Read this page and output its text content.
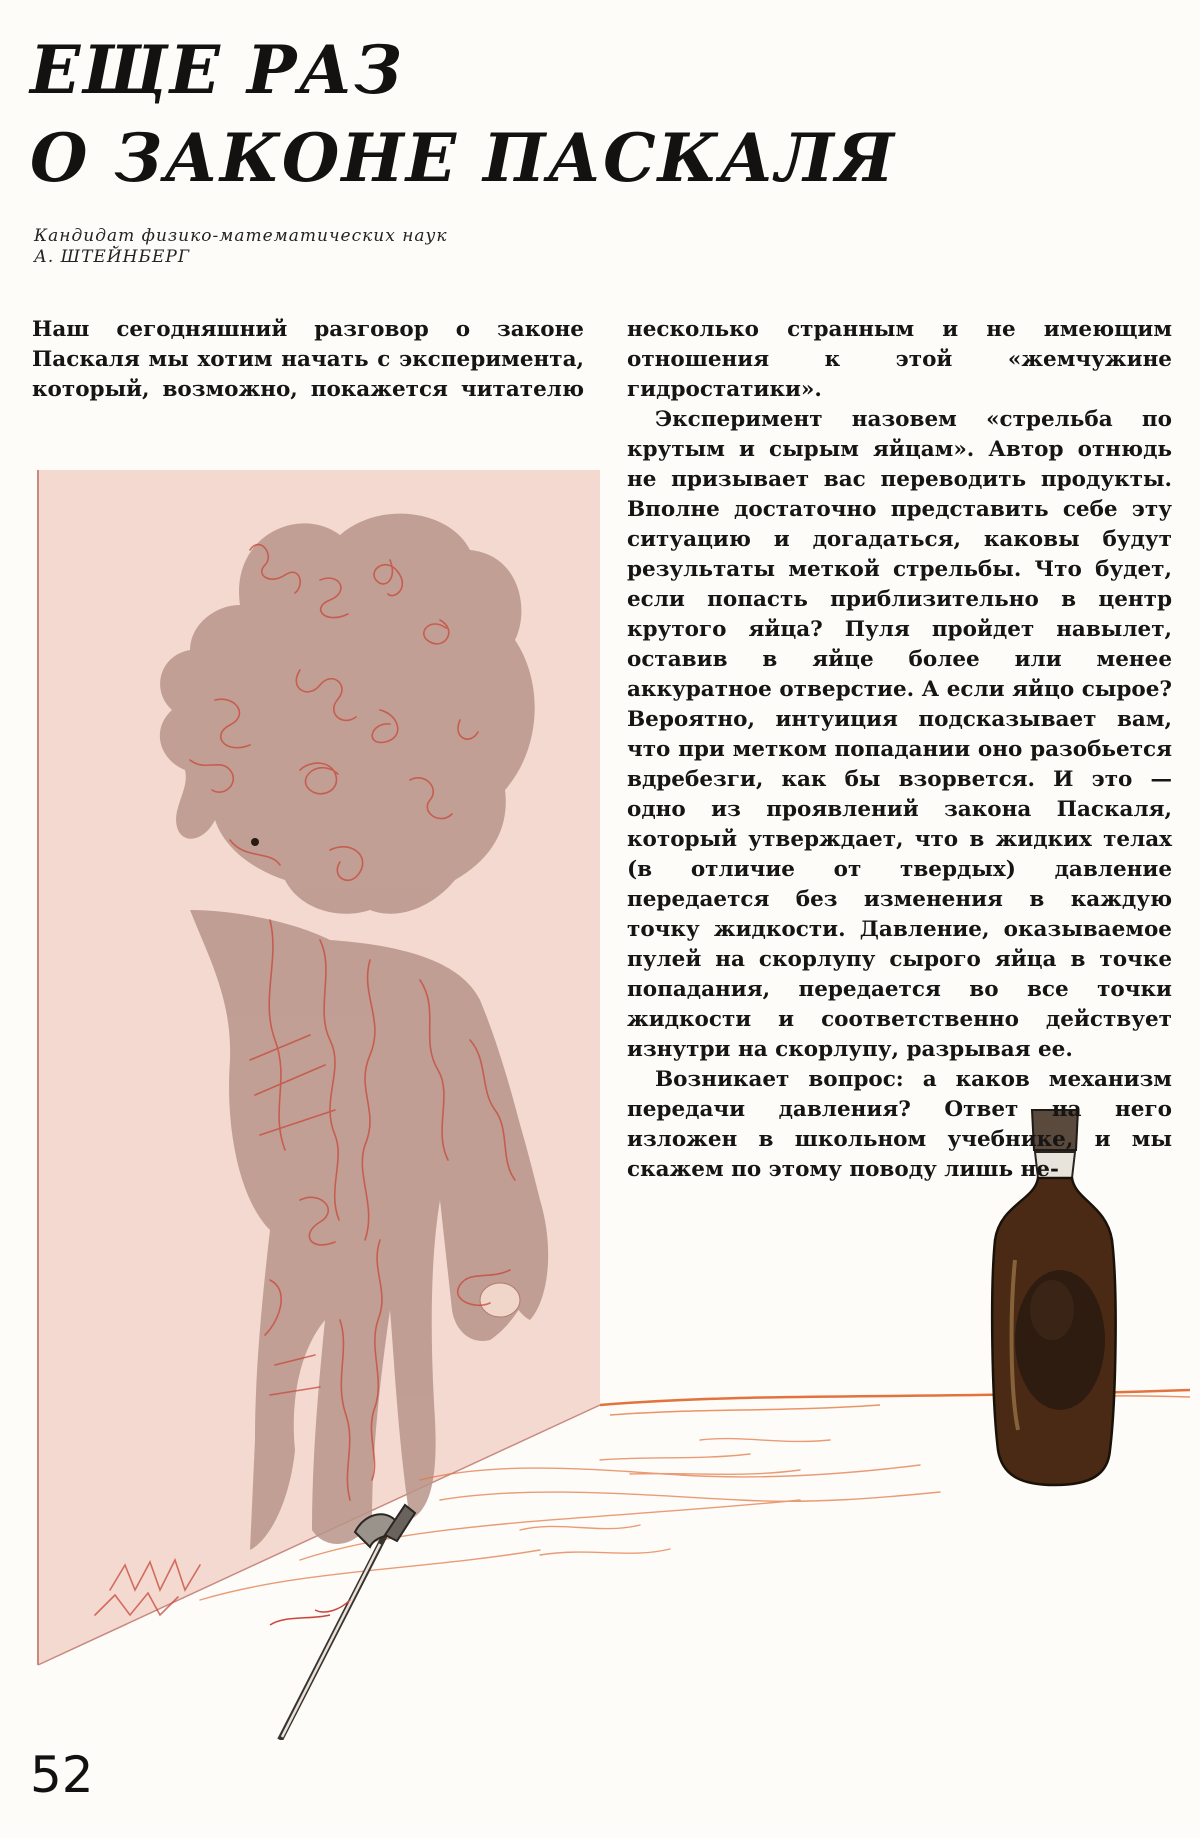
ЕЩЕ РАЗ
О ЗАКОНЕ ПАСКАЛЯ
Кандидат физико-математических наук
А. ШТЕЙНБЕРГ

Наш сегодняшний разговор о законе Паскаля мы хотим начать с эксперимента, который, возможно, покажется читателю

несколько странным и не имеющим отношения к этой «жемчужине гидростатики».

Эксперимент назовем «стрельба по крутым и сырым яйцам». Автор отнюдь не призывает вас переводить продукты. Вполне достаточно представить себе эту ситуацию и догадаться, каковы будут результаты меткой стрельбы. Что будет, если попасть приблизительно в центр крутого яйца? Пуля пройдет навылет, оставив в яйце более или менее аккуратное отверстие. А если яйцо сырое? Вероятно, интуиция подсказывает вам, что при метком попадании оно разобьется вдребезги, как бы взорвется. И это — одно из проявлений закона Паскаля, который утверждает, что в жидких телах (в отличие от твердых) давление передается без изменения в каждую точку жидкости. Давление, оказываемое пулей на скорлупу сырого яйца в точке попадания, передается во все точки жидкости и соответственно действует изнутри на скорлупу, разрывая ее.

Возникает вопрос: а каков механизм передачи давления? Ответ на него изложен в школьном учебнике, и мы скажем по этому поводу лишь не-

52
